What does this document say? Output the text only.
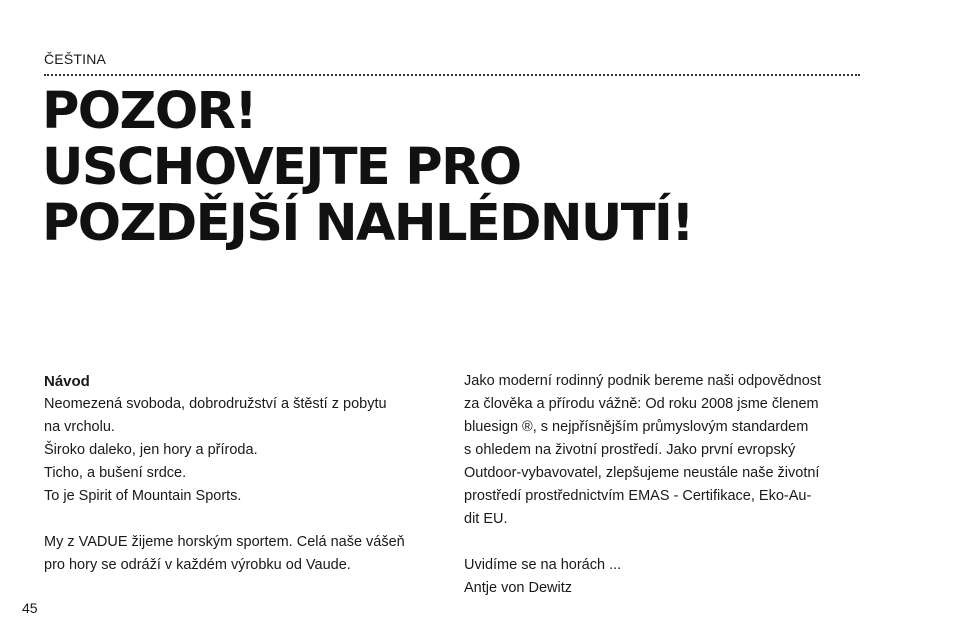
ČEŠTINA
POZOR!
USCHOVEJTE PRO
POZDĚJŠÍ NAHLÉDNUTÍ!
Návod

Neomezená svoboda, dobrodružství a štěstí z pobytu
na vrcholu.
Široko daleko, jen hory a příroda.
Ticho, a bušení srdce.
To je Spirit of Mountain Sports.
My z VADUE žijeme horským sportem. Celá naše vášeň
pro hory se odráží v každém výrobku od Vaude.

Jako moderní rodinný podnik bereme naši odpovědnost
za člověka a přírodu vážně: Od roku 2008 jsme členem
bluesign ®, s nejpřísnějším průmyslovým standardem
s ohledem na životní prostředí. Jako první evropský
Outdoor-vybavovatel, zlepšujeme neustále naše životní
prostředí prostřednictvím EMAS - Certifikace, Eko-Au-
dit EU.
Uvidíme se na horách ...
Antje von Dewitz

45
